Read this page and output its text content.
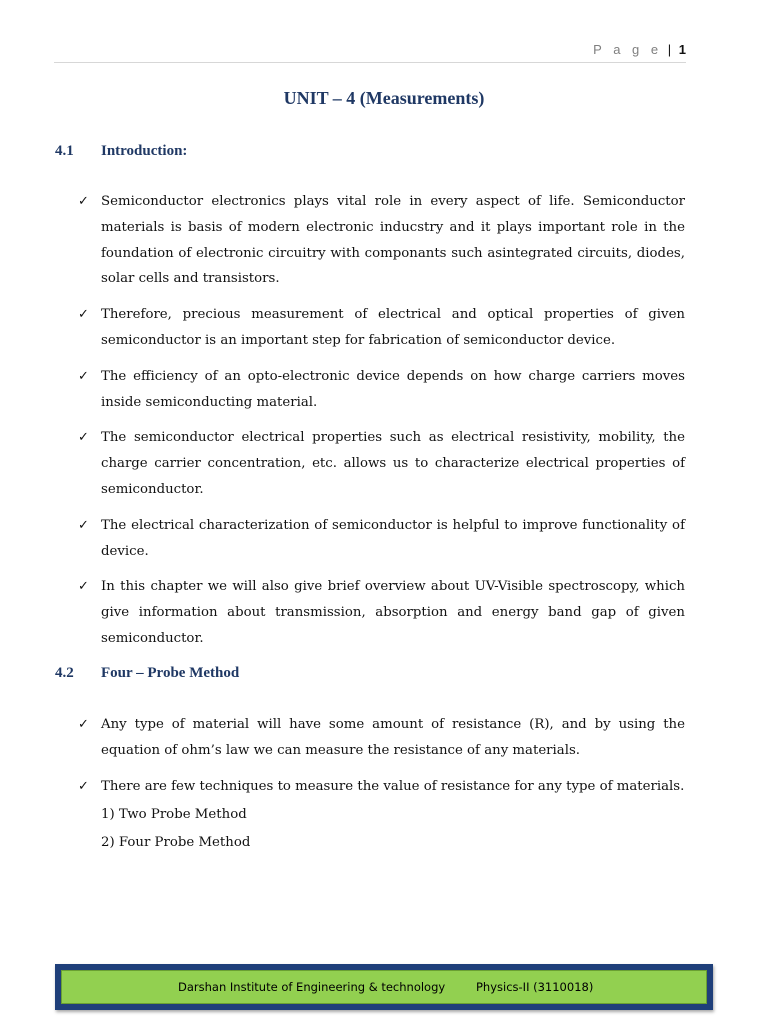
P a g e | 1
UNIT – 4 (Measurements)
4.1 Introduction:
✓ Semiconductor electronics plays vital role in every aspect of life. Semiconductor materials is basis of modern electronic inducstry and it plays important role in the foundation of electronic circuitry with componants such asintegrated circuits, diodes, solar cells and transistors.
✓ Therefore, precious measurement of electrical and optical properties of given semiconductor is an important step for fabrication of semiconductor device.
✓ The efficiency of an opto-electronic device depends on how charge carriers moves inside semiconducting material.
✓ The semiconductor electrical properties such as electrical resistivity, mobility, the charge carrier concentration, etc. allows us to characterize electrical properties of semiconductor.
✓ The electrical characterization of semiconductor is helpful to improve functionality of device.
✓ In this chapter we will also give brief overview about UV-Visible spectroscopy, which give information about transmission, absorption and energy band gap of given semiconductor.
4.2 Four – Probe Method
✓ Any type of material will have some amount of resistance (R), and by using the equation of ohm’s law we can measure the resistance of any materials.
✓ There are few techniques to measure the value of resistance for any type of materials.
1) Two Probe Method
2) Four Probe Method
Darshan Institute of Engineering & technology	Physics-II (3110018)
